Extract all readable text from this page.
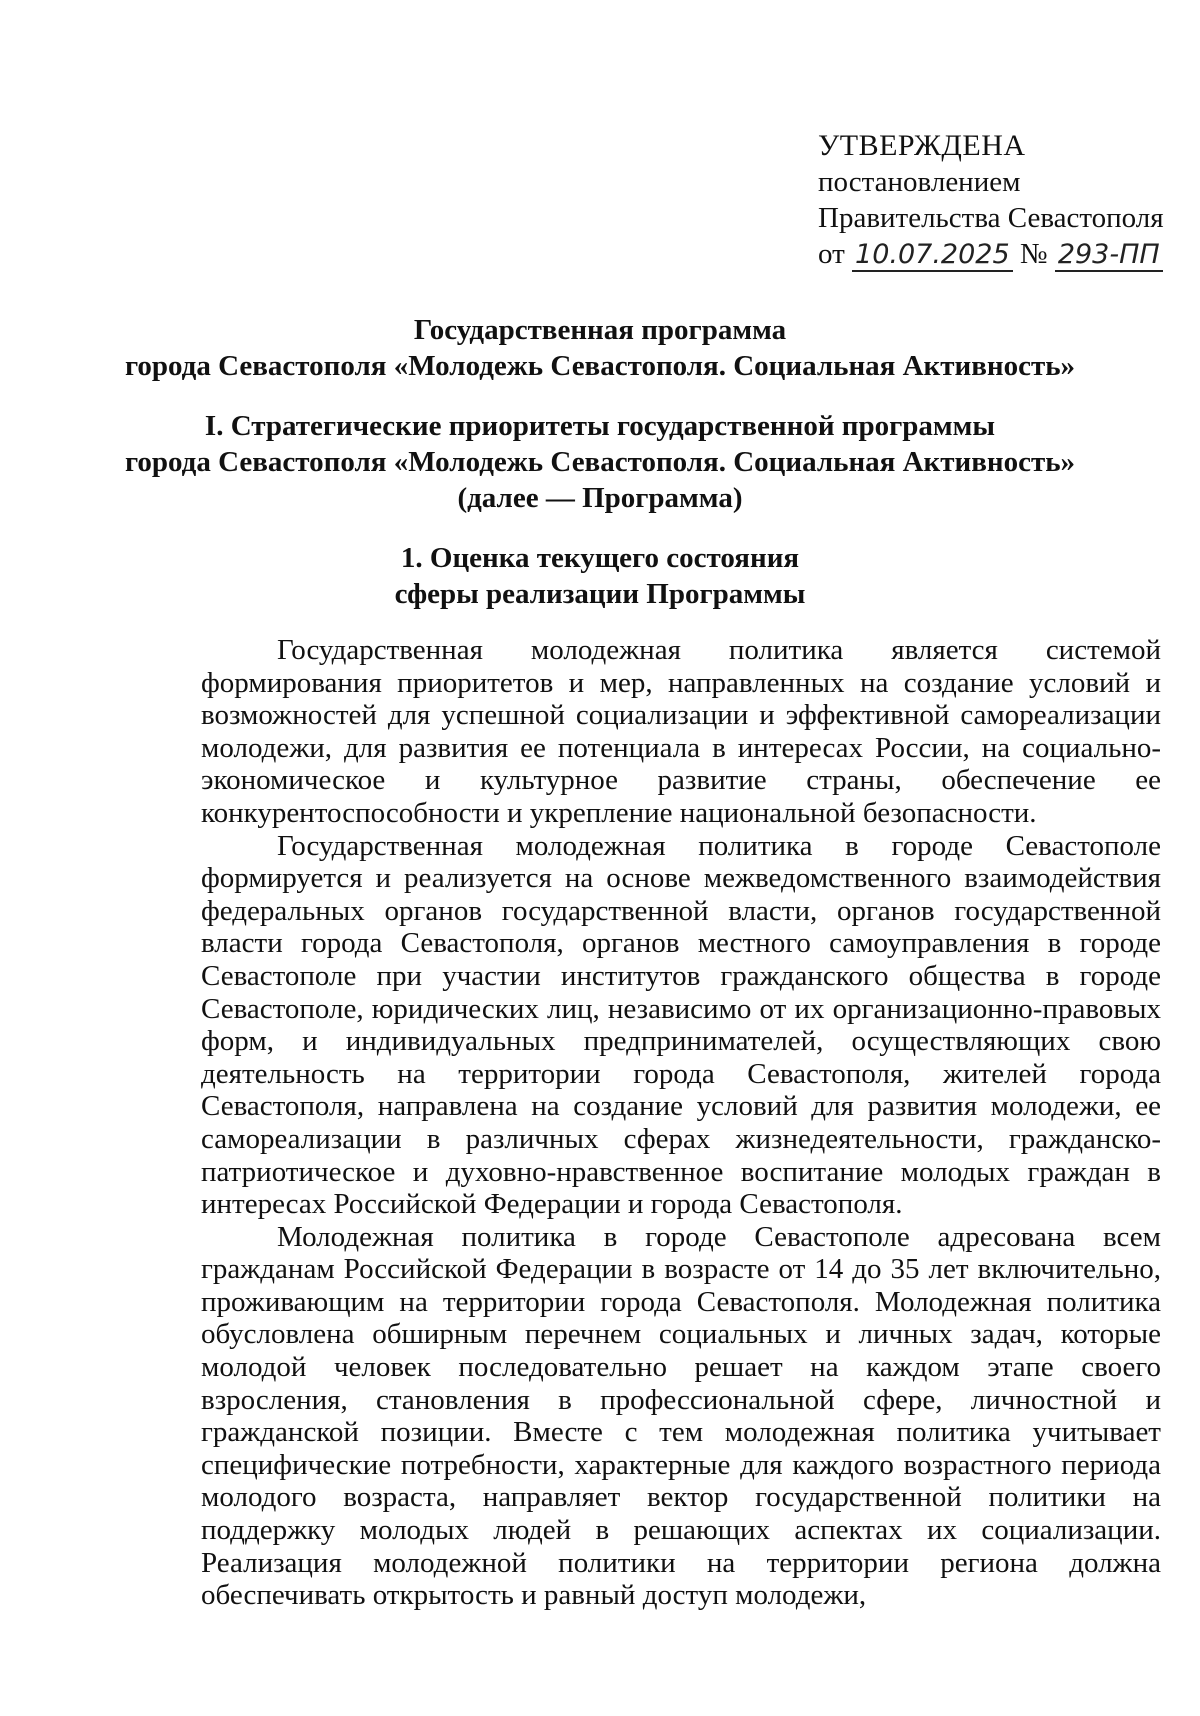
УТВЕРЖДЕНА
постановлением
Правительства Севастополя
от 10.07.2025 № 293-ПП
Государственная программа
города Севастополя «Молодежь Севастополя. Социальная Активность»
I. Стратегические приоритеты государственной программы
города Севастополя «Молодежь Севастополя. Социальная Активность»
(далее — Программа)
1. Оценка текущего состояния
сферы реализации Программы

Государственная молодежная политика является системой формирования приоритетов и мер, направленных на создание условий и возможностей для успешной социализации и эффективной самореализации молодежи, для развития ее потенциала в интересах России, на социально-экономическое и культурное развитие страны, обеспечение ее конкурентоспособности и укрепление национальной безопасности.

Государственная молодежная политика в городе Севастополе формируется и реализуется на основе межведомственного взаимодействия федеральных органов государственной власти, органов государственной власти города Севастополя, органов местного самоуправления в городе Севастополе при участии институтов гражданского общества в городе Севастополе, юридических лиц, независимо от их организационно-правовых форм, и индивидуальных предпринимателей, осуществляющих свою деятельность на территории города Севастополя, жителей города Севастополя, направлена на создание условий для развития молодежи, ее самореализации в различных сферах жизнедеятельности, гражданско-патриотическое и духовно-нравственное воспитание молодых граждан в интересах Российской Федерации и города Севастополя.

Молодежная политика в городе Севастополе адресована всем гражданам Российской Федерации в возрасте от 14 до 35 лет включительно, проживающим на территории города Севастополя. Молодежная политика обусловлена обширным перечнем социальных и личных задач, которые молодой человек последовательно решает на каждом этапе своего взросления, становления в профессиональной сфере, личностной и гражданской позиции. Вместе с тем молодежная политика учитывает специфические потребности, характерные для каждого возрастного периода молодого возраста, направляет вектор государственной политики на поддержку молодых людей в решающих аспектах их социализации. Реализация молодежной политики на территории региона должна обеспечивать открытость и равный доступ молодежи,
